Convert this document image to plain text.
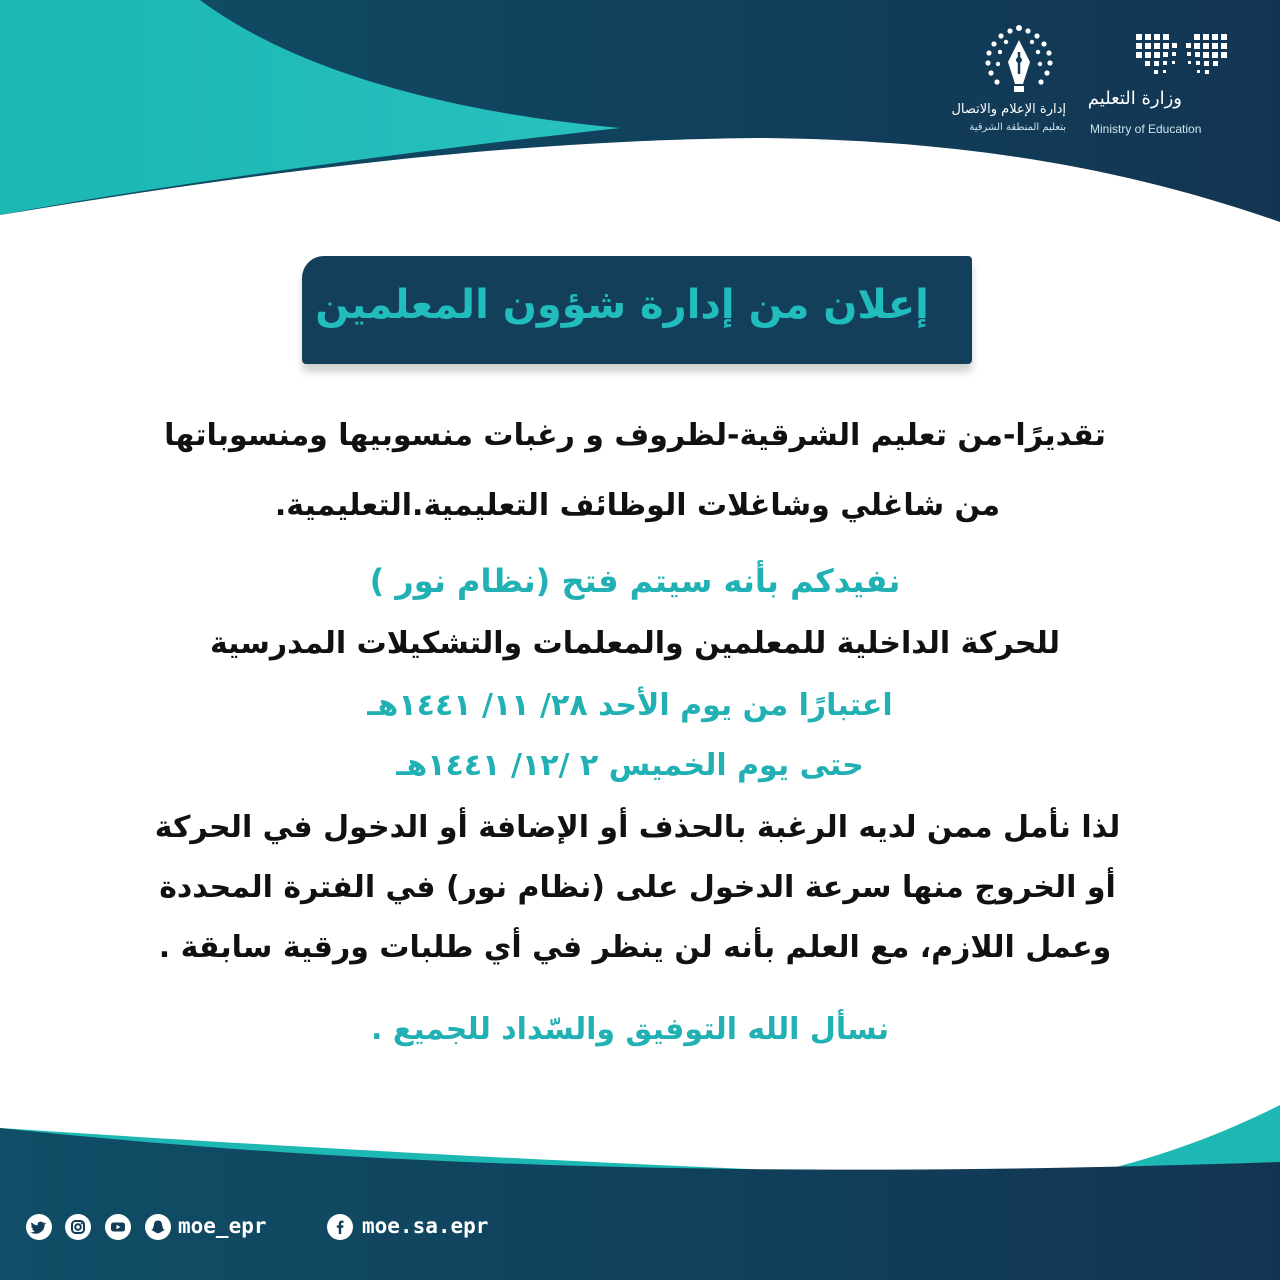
وزارة التعليم
Ministry of Education
إدارة الإعلام والاتصال
بتعليم المنطقة الشرقية
إعلان من إدارة شؤون المعلمين
تقديرًا-من تعليم الشرقية-لظروف و رغبات منسوبيها ومنسوباتها
من شاغلي وشاغلات الوظائف التعليمية.التعليمية.
نفيدكم بأنه سيتم فتح (نظام نور )
للحركة الداخلية للمعلمين والمعلمات والتشكيلات المدرسية
اعتبارًا من يوم الأحد ٢٨/ ١١/ ١٤٤١هـ
حتى يوم الخميس ٢ /١٢/ ١٤٤١هـ
لذا نأمل ممن لديه الرغبة بالحذف أو الإضافة أو الدخول في الحركة
أو الخروج منها سرعة الدخول على (نظام نور) في الفترة المحددة
وعمل اللازم، مع العلم بأنه لن ينظر في أي طلبات ورقية سابقة .
نسأل الله التوفيق والسّداد للجميع .
moe_epr	moe.sa.epr
